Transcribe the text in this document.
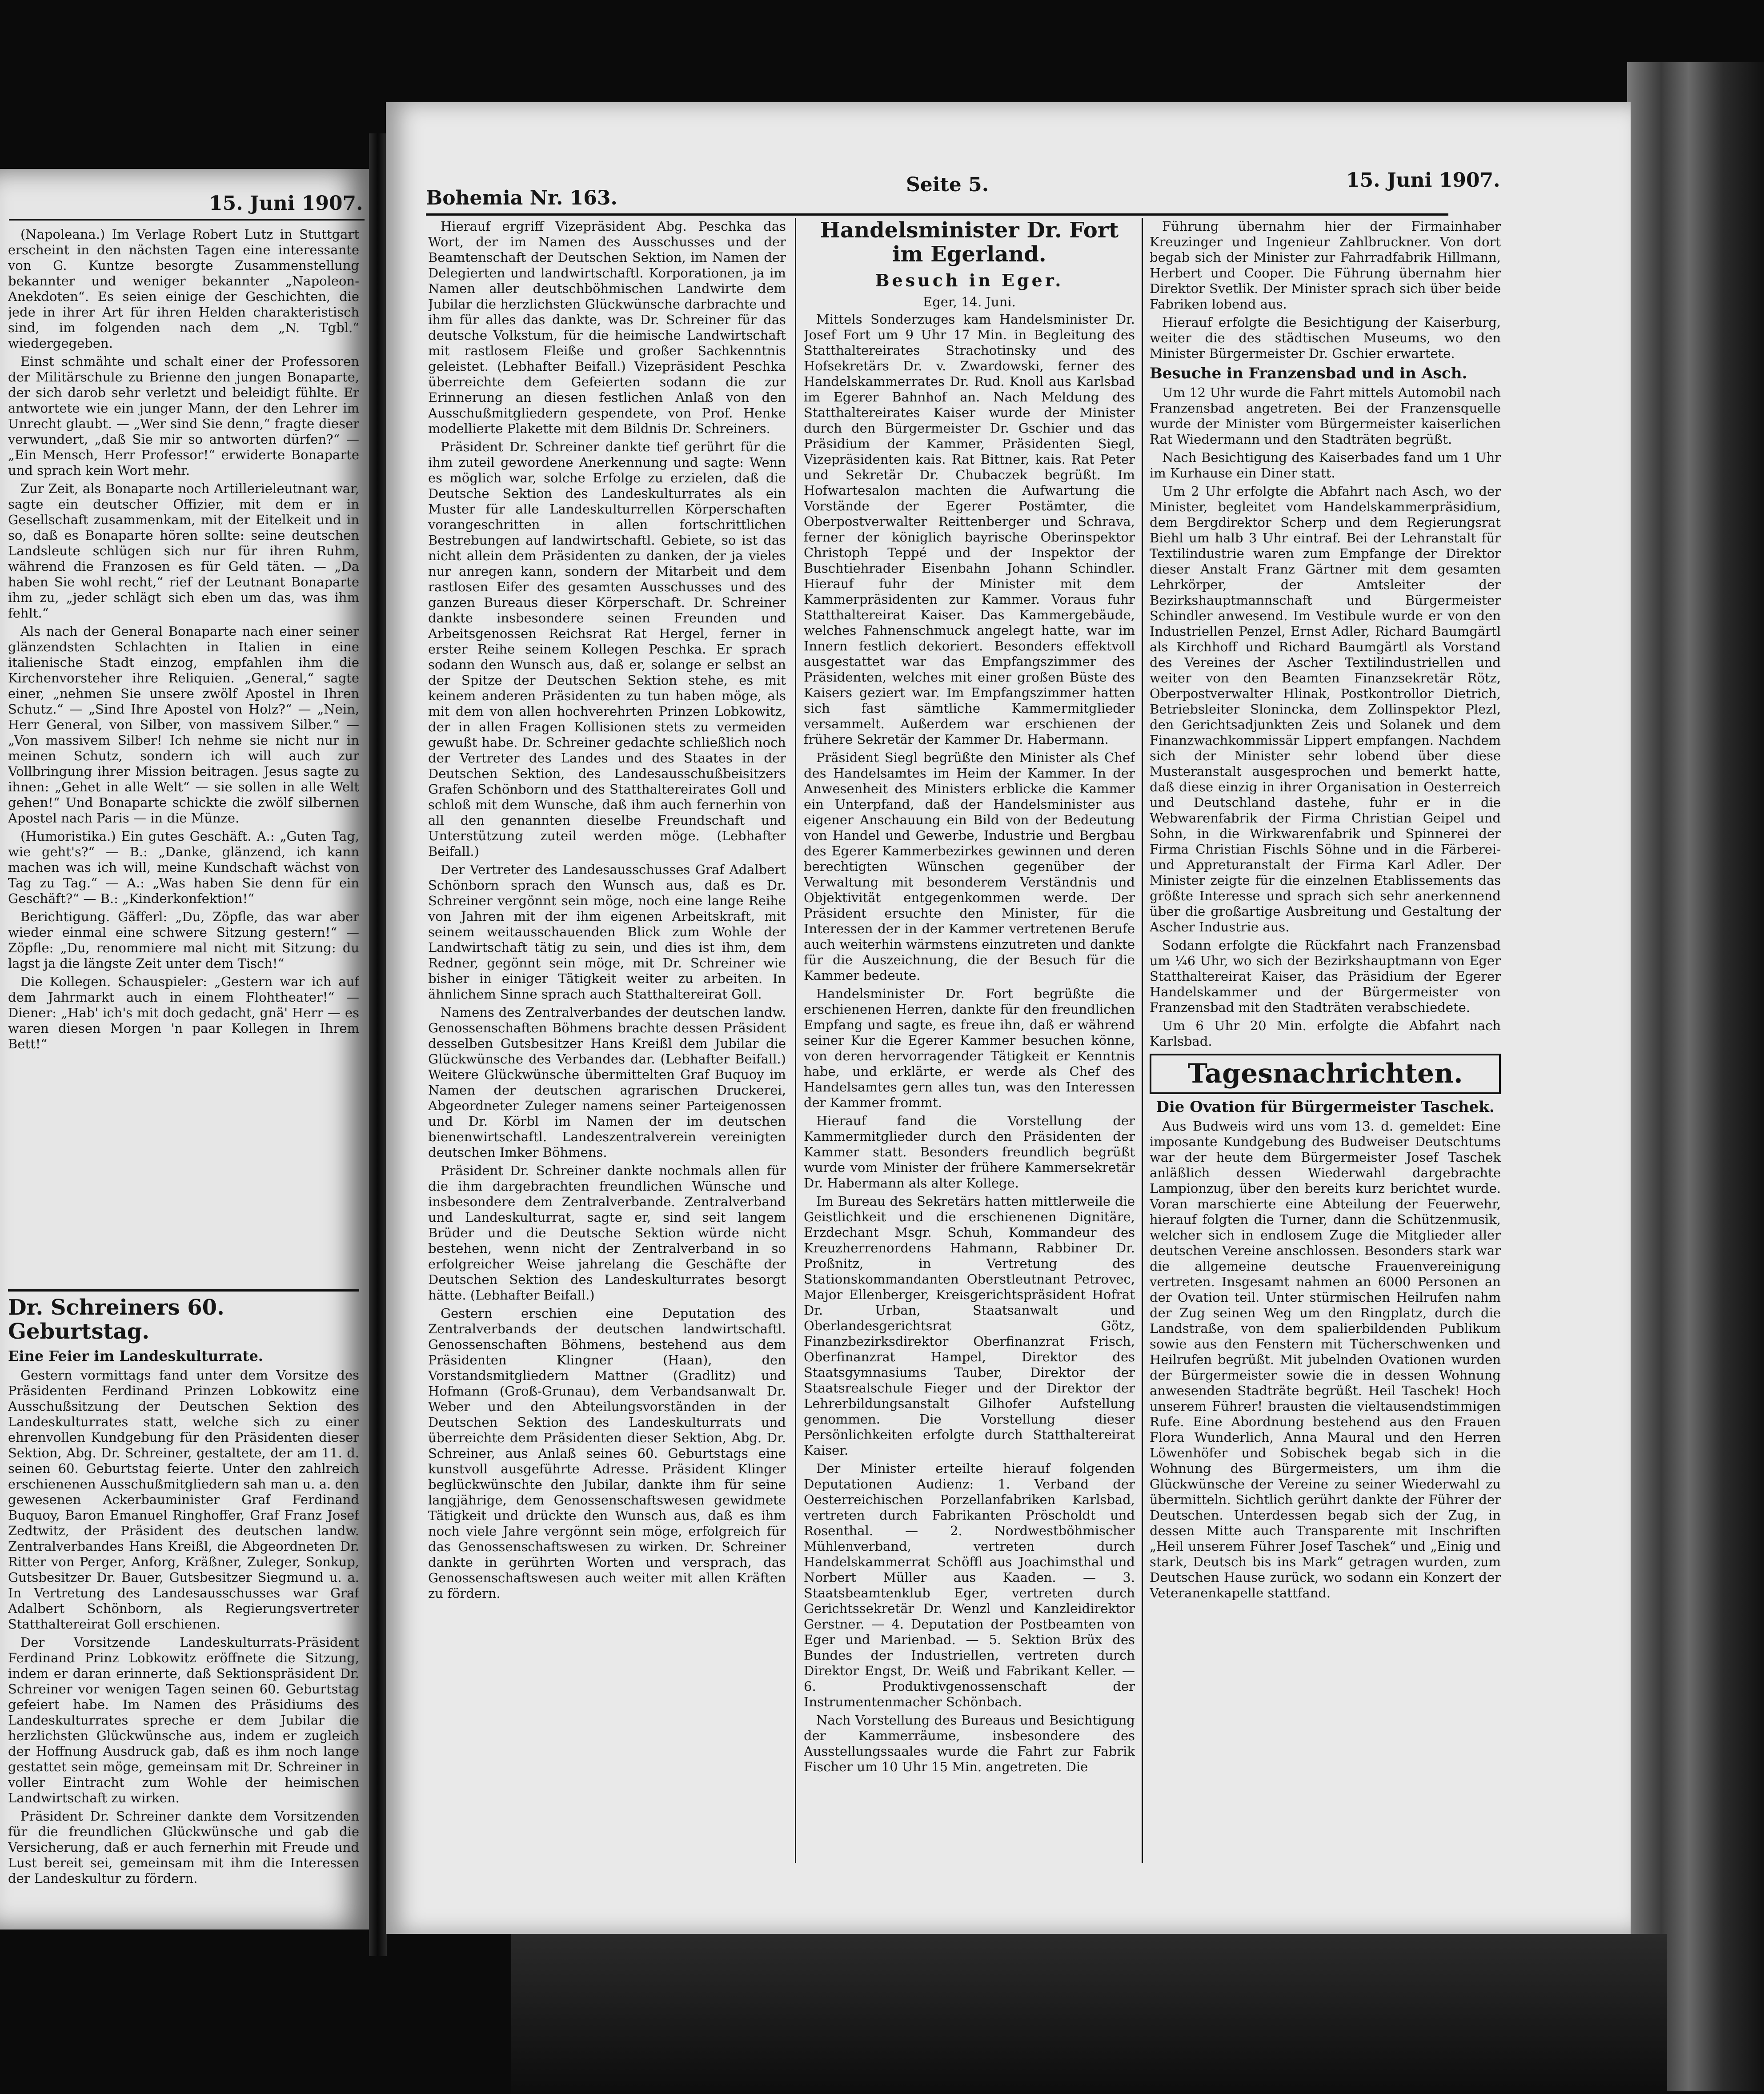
15. Juni 1907.

(Napoleana.) Im Verlage Robert Lutz in Stuttgart erscheint in den nächsten Tagen eine interessante von G. Kuntze besorgte Zusammenstellung bekannter und weniger bekannter „Napoleon-Anekdoten“. Es seien einige der Geschichten, die jede in ihrer Art für ihren Helden charakteristisch sind, im folgenden nach dem „N. Tgbl.“ wiedergegeben.

Einst schmähte und schalt einer der Professoren der Militärschule zu Brienne den jungen Bonaparte, der sich darob sehr verletzt und beleidigt fühlte. Er antwortete wie ein junger Mann, der den Lehrer im Unrecht glaubt. — „Wer sind Sie denn,“ fragte dieser verwundert, „daß Sie mir so antworten dürfen?“ — „Ein Mensch, Herr Professor!“ erwiderte Bonaparte und sprach kein Wort mehr.

Zur Zeit, als Bonaparte noch Artillerieleutnant war, sagte ein deutscher Offizier, mit dem er in Gesellschaft zusammenkam, mit der Eitelkeit und in so, daß es Bonaparte hören sollte: seine deutschen Landsleute schlügen sich nur für ihren Ruhm, während die Franzosen es für Geld täten. — „Da haben Sie wohl recht,“ rief der Leutnant Bonaparte ihm zu, „jeder schlägt sich eben um das, was ihm fehlt.“

Als nach der General Bonaparte nach einer seiner glänzendsten Schlachten in Italien in eine italienische Stadt einzog, empfahlen ihm die Kirchenvorsteher ihre Reliquien. „General,“ sagte einer, „nehmen Sie unsere zwölf Apostel in Ihren Schutz.“ — „Sind Ihre Apostel von Holz?“ — „Nein, Herr General, von Silber, von massivem Silber.“ — „Von massivem Silber! Ich nehme sie nicht nur in meinen Schutz, sondern ich will auch zur Vollbringung ihrer Mission beitragen. Jesus sagte zu ihnen: „Gehet in alle Welt“ — sie sollen in alle Welt gehen!“ Und Bonaparte schickte die zwölf silbernen Apostel nach Paris — in die Münze.

(Humoristika.) Ein gutes Geschäft. A.: „Guten Tag, wie geht's?“ — B.: „Danke, glänzend, ich kann machen was ich will, meine Kundschaft wächst von Tag zu Tag.“ — A.: „Was haben Sie denn für ein Geschäft?“ — B.: „Kinderkonfektion!“

Berichtigung. Gäfferl: „Du, Zöpfle, das war aber wieder einmal eine schwere Sitzung gestern!“ — Zöpfle: „Du, renommiere mal nicht mit Sitzung: du lagst ja die längste Zeit unter dem Tisch!“

Die Kollegen. Schauspieler: „Gestern war ich auf dem Jahrmarkt auch in einem Flohtheater!“ — Diener: „Hab' ich's mit doch gedacht, gnä' Herr — es waren diesen Morgen 'n paar Kollegen in Ihrem Bett!“

Dr. Schreiners 60. Geburtstag.
Eine Feier im Landeskulturrate.

Gestern vormittags fand unter dem Vorsitze des Präsidenten Ferdinand Prinzen Lobkowitz eine Ausschußsitzung der Deutschen Sektion des Landeskulturrates statt, welche sich zu einer ehrenvollen Kundgebung für den Präsidenten dieser Sektion, Abg. Dr. Schreiner, gestaltete, der am 11. d. seinen 60. Geburtstag feierte. Unter den zahlreich erschienenen Ausschußmitgliedern sah man u. a. den gewesenen Ackerbauminister Graf Ferdinand Buquoy, Baron Emanuel Ringhoffer, Graf Franz Josef Zedtwitz, der Präsident des deutschen landw. Zentralverbandes Hans Kreißl, die Abgeordneten Dr. Ritter von Perger, Anforg, Kräßner, Zuleger, Sonkup, Gutsbesitzer Dr. Bauer, Gutsbesitzer Siegmund u. a. In Vertretung des Landesausschusses war Graf Adalbert Schönborn, als Regierungsvertreter Statthaltereirat Goll erschienen.

Der Vorsitzende Landeskulturrats-Präsident Ferdinand Prinz Lobkowitz eröffnete die Sitzung, indem er daran erinnerte, daß Sektionspräsident Dr. Schreiner vor wenigen Tagen seinen 60. Geburtstag gefeiert habe. Im Namen des Präsidiums des Landeskulturrates spreche er dem Jubilar die herzlichsten Glückwünsche aus, indem er zugleich der Hoffnung Ausdruck gab, daß es ihm noch lange gestattet sein möge, gemeinsam mit Dr. Schreiner in voller Eintracht zum Wohle der heimischen Landwirtschaft zu wirken.

Präsident Dr. Schreiner dankte dem Vorsitzenden für die freundlichen Glückwünsche und gab die Versicherung, daß er auch fernerhin mit Freude und Lust bereit sei, gemeinsam mit ihm die Interessen der Landeskultur zu fördern.

Bohemia Nr. 163.
Seite 5.	15. Juni 1907.

Hierauf ergriff Vizepräsident Abg. Peschka das Wort, der im Namen des Ausschusses und der Beamtenschaft der Deutschen Sektion, im Namen der Delegierten und landwirtschaftl. Korporationen, ja im Namen aller deutschböhmischen Landwirte dem Jubilar die herzlichsten Glückwünsche darbrachte und ihm für alles das dankte, was Dr. Schreiner für das deutsche Volkstum, für die heimische Landwirtschaft mit rastlosem Fleiße und großer Sachkenntnis geleistet. (Lebhafter Beifall.) Vizepräsident Peschka überreichte dem Gefeierten sodann die zur Erinnerung an diesen festlichen Anlaß von den Ausschußmitgliedern gespendete, von Prof. Henke modellierte Plakette mit dem Bildnis Dr. Schreiners.

Präsident Dr. Schreiner dankte tief gerührt für die ihm zuteil gewordene Anerkennung und sagte: Wenn es möglich war, solche Erfolge zu erzielen, daß die Deutsche Sektion des Landeskulturrates als ein Muster für alle Landeskulturrellen Körperschaften vorangeschritten in allen fortschrittlichen Bestrebungen auf landwirtschaftl. Gebiete, so ist das nicht allein dem Präsidenten zu danken, der ja vieles nur anregen kann, sondern der Mitarbeit und dem rastlosen Eifer des gesamten Ausschusses und des ganzen Bureaus dieser Körperschaft. Dr. Schreiner dankte insbesondere seinen Freunden und Arbeitsgenossen Reichsrat Rat Hergel, ferner in erster Reihe seinem Kollegen Peschka. Er sprach sodann den Wunsch aus, daß er, solange er selbst an der Spitze der Deutschen Sektion stehe, es mit keinem anderen Präsidenten zu tun haben möge, als mit dem von allen hochverehrten Prinzen Lobkowitz, der in allen Fragen Kollisionen stets zu vermeiden gewußt habe. Dr. Schreiner gedachte schließlich noch der Vertreter des Landes und des Staates in der Deutschen Sektion, des Landesausschußbeisitzers Grafen Schönborn und des Statthaltereirates Goll und schloß mit dem Wunsche, daß ihm auch fernerhin von all den genannten dieselbe Freundschaft und Unterstützung zuteil werden möge. (Lebhafter Beifall.)

Der Vertreter des Landesausschusses Graf Adalbert Schönborn sprach den Wunsch aus, daß es Dr. Schreiner vergönnt sein möge, noch eine lange Reihe von Jahren mit der ihm eigenen Arbeitskraft, mit seinem weitausschauenden Blick zum Wohle der Landwirtschaft tätig zu sein, und dies ist ihm, dem Redner, gegönnt sein möge, mit Dr. Schreiner wie bisher in einiger Tätigkeit weiter zu arbeiten. In ähnlichem Sinne sprach auch Statthaltereirat Goll.

Namens des Zentralverbandes der deutschen landw. Genossenschaften Böhmens brachte dessen Präsident desselben Gutsbesitzer Hans Kreißl dem Jubilar die Glückwünsche des Verbandes dar. (Lebhafter Beifall.) Weitere Glückwünsche übermittelten Graf Buquoy im Namen der deutschen agrarischen Druckerei, Abgeordneter Zuleger namens seiner Parteigenossen und Dr. Körbl im Namen der im deutschen bienenwirtschaftl. Landeszentralverein vereinigten deutschen Imker Böhmens.

Präsident Dr. Schreiner dankte nochmals allen für die ihm dargebrachten freundlichen Wünsche und insbesondere dem Zentralverbande. Zentralverband und Landeskulturrat, sagte er, sind seit langem Brüder und die Deutsche Sektion würde nicht bestehen, wenn nicht der Zentralverband in so erfolgreicher Weise jahrelang die Geschäfte der Deutschen Sektion des Landeskulturrates besorgt hätte. (Lebhafter Beifall.)

Gestern erschien eine Deputation des Zentralverbands der deutschen landwirtschaftl. Genossenschaften Böhmens, bestehend aus dem Präsidenten Klingner (Haan), den Vorstandsmitgliedern Mattner (Gradlitz) und Hofmann (Groß-Grunau), dem Verbandsanwalt Dr. Weber und den Abteilungsvorständen in der Deutschen Sektion des Landeskulturrats und überreichte dem Präsidenten dieser Sektion, Abg. Dr. Schreiner, aus Anlaß seines 60. Geburtstags eine kunstvoll ausgeführte Adresse. Präsident Klinger beglückwünschte den Jubilar, dankte ihm für seine langjährige, dem Genossenschaftswesen gewidmete Tätigkeit und drückte den Wunsch aus, daß es ihm noch viele Jahre vergönnt sein möge, erfolgreich für das Genossenschaftswesen zu wirken. Dr. Schreiner dankte in gerührten Worten und versprach, das Genossenschaftswesen auch weiter mit allen Kräften zu fördern.

Handelsminister Dr. Fort
im Egerland.
Besuch in Eger.
Eger, 14. Juni.

Mittels Sonderzuges kam Handelsminister Dr. Josef Fort um 9 Uhr 17 Min. in Begleitung des Statthaltereirates Strachotinsky und des Hofsekretärs Dr. v. Zwardowski, ferner des Handelskammerrates Dr. Rud. Knoll aus Karlsbad im Egerer Bahnhof an. Nach Meldung des Statthaltereirates Kaiser wurde der Minister durch den Bürgermeister Dr. Gschier und das Präsidium der Kammer, Präsidenten Siegl, Vizepräsidenten kais. Rat Bittner, kais. Rat Peter und Sekretär Dr. Chubaczek begrüßt. Im Hofwartesalon machten die Aufwartung die Vorstände der Egerer Postämter, die Oberpostverwalter Reittenberger und Schrava, ferner der königlich bayrische Oberinspektor Christoph Teppé und der Inspektor der Buschtiehrader Eisenbahn Johann Schindler. Hierauf fuhr der Minister mit dem Kammerpräsidenten zur Kammer. Voraus fuhr Statthaltereirat Kaiser. Das Kammergebäude, welches Fahnenschmuck angelegt hatte, war im Innern festlich dekoriert. Besonders effektvoll ausgestattet war das Empfangszimmer des Präsidenten, welches mit einer großen Büste des Kaisers geziert war. Im Empfangszimmer hatten sich fast sämtliche Kammermitglieder versammelt. Außerdem war erschienen der frühere Sekretär der Kammer Dr. Habermann.

Präsident Siegl begrüßte den Minister als Chef des Handelsamtes im Heim der Kammer. In der Anwesenheit des Ministers erblicke die Kammer ein Unterpfand, daß der Handelsminister aus eigener Anschauung ein Bild von der Bedeutung von Handel und Gewerbe, Industrie und Bergbau des Egerer Kammerbezirkes gewinnen und deren berechtigten Wünschen gegenüber der Verwaltung mit besonderem Verständnis und Objektivität entgegenkommen werde. Der Präsident ersuchte den Minister, für die Interessen der in der Kammer vertretenen Berufe auch weiterhin wärmstens einzutreten und dankte für die Auszeichnung, die der Besuch für die Kammer bedeute.

Handelsminister Dr. Fort begrüßte die erschienenen Herren, dankte für den freundlichen Empfang und sagte, es freue ihn, daß er während seiner Kur die Egerer Kammer besuchen könne, von deren hervorragender Tätigkeit er Kenntnis habe, und erklärte, er werde als Chef des Handelsamtes gern alles tun, was den Interessen der Kammer frommt.

Hierauf fand die Vorstellung der Kammermitglieder durch den Präsidenten der Kammer statt. Besonders freundlich begrüßt wurde vom Minister der frühere Kammersekretär Dr. Habermann als alter Kollege.

Im Bureau des Sekretärs hatten mittlerweile die Geistlichkeit und die erschienenen Dignitäre, Erzdechant Msgr. Schuh, Kommandeur des Kreuzherrenordens Hahmann, Rabbiner Dr. Proßnitz, in Vertretung des Stationskommandanten Oberstleutnant Petrovec, Major Ellenberger, Kreisgerichtspräsident Hofrat Dr. Urban, Staatsanwalt und Oberlandesgerichtsrat Götz, Finanzbezirksdirektor Oberfinanzrat Frisch, Oberfinanzrat Hampel, Direktor des Staatsgymnasiums Tauber, Direktor der Staatsrealschule Fieger und der Direktor der Lehrerbildungsanstalt Gilhofer Aufstellung genommen. Die Vorstellung dieser Persönlichkeiten erfolgte durch Statthaltereirat Kaiser.

Der Minister erteilte hierauf folgenden Deputationen Audienz: 1. Verband der Oesterreichischen Porzellanfabriken Karlsbad, vertreten durch Fabrikanten Pröscholdt und Rosenthal. — 2. Nordwestböhmischer Mühlenverband, vertreten durch Handelskammerrat Schöffl aus Joachimsthal und Norbert Müller aus Kaaden. — 3. Staatsbeamtenklub Eger, vertreten durch Gerichtssekretär Dr. Wenzl und Kanzleidirektor Gerstner. — 4. Deputation der Postbeamten von Eger und Marienbad. — 5. Sektion Brüx des Bundes der Industriellen, vertreten durch Direktor Engst, Dr. Weiß und Fabrikant Keller. — 6. Produktivgenossenschaft der Instrumentenmacher Schönbach.

Nach Vorstellung des Bureaus und Besichtigung der Kammerräume, insbesondere des Ausstellungssaales wurde die Fahrt zur Fabrik Fischer um 10 Uhr 15 Min. angetreten. Die

Führung übernahm hier der Firmainhaber Kreuzinger und Ingenieur Zahlbruckner. Von dort begab sich der Minister zur Fahrradfabrik Hillmann, Herbert und Cooper. Die Führung übernahm hier Direktor Svetlik. Der Minister sprach sich über beide Fabriken lobend aus.

Hierauf erfolgte die Besichtigung der Kaiserburg, weiter die des städtischen Museums, wo den Minister Bürgermeister Dr. Gschier erwartete.

Besuche in Franzensbad und in Asch.

Um 12 Uhr wurde die Fahrt mittels Automobil nach Franzensbad angetreten. Bei der Franzensquelle wurde der Minister vom Bürgermeister kaiserlichen Rat Wiedermann und den Stadträten begrüßt.

Nach Besichtigung des Kaiserbades fand um 1 Uhr im Kurhause ein Diner statt.

Um 2 Uhr erfolgte die Abfahrt nach Asch, wo der Minister, begleitet vom Handelskammerpräsidium, dem Bergdirektor Scherp und dem Regierungsrat Biehl um halb 3 Uhr eintraf. Bei der Lehranstalt für Textilindustrie waren zum Empfange der Direktor dieser Anstalt Franz Gärtner mit dem gesamten Lehrkörper, der Amtsleiter der Bezirkshauptmannschaft und Bürgermeister Schindler anwesend. Im Vestibule wurde er von den Industriellen Penzel, Ernst Adler, Richard Baumgärtl als Kirchhoff und Richard Baumgärtl als Vorstand des Vereines der Ascher Textilindustriellen und weiter von den Beamten Finanzsekretär Rötz, Oberpostverwalter Hlinak, Postkontrollor Dietrich, Betriebsleiter Slonincka, dem Zollinspektor Plezl, den Gerichtsadjunkten Zeis und Solanek und dem Finanzwachkommissär Lippert empfangen. Nachdem sich der Minister sehr lobend über diese Musteranstalt ausgesprochen und bemerkt hatte, daß diese einzig in ihrer Organisation in Oesterreich und Deutschland dastehe, fuhr er in die Webwarenfabrik der Firma Christian Geipel und Sohn, in die Wirkwarenfabrik und Spinnerei der Firma Christian Fischls Söhne und in die Färberei- und Appreturanstalt der Firma Karl Adler. Der Minister zeigte für die einzelnen Etablissements das größte Interesse und sprach sich sehr anerkennend über die großartige Ausbreitung und Gestaltung der Ascher Industrie aus.

Sodann erfolgte die Rückfahrt nach Franzensbad um ¼6 Uhr, wo sich der Bezirkshauptmann von Eger Statthaltereirat Kaiser, das Präsidium der Egerer Handelskammer und der Bürgermeister von Franzensbad mit den Stadträten verabschiedete.

Um 6 Uhr 20 Min. erfolgte die Abfahrt nach Karlsbad.

Tagesnachrichten.
Die Ovation für Bürgermeister Taschek.

Aus Budweis wird uns vom 13. d. gemeldet: Eine imposante Kundgebung des Budweiser Deutschtums war der heute dem Bürgermeister Josef Taschek anläßlich dessen Wiederwahl dargebrachte Lampionzug, über den bereits kurz berichtet wurde. Voran marschierte eine Abteilung der Feuerwehr, hierauf folgten die Turner, dann die Schützenmusik, welcher sich in endlosem Zuge die Mitglieder aller deutschen Vereine anschlossen. Besonders stark war die allgemeine deutsche Frauenvereinigung vertreten. Insgesamt nahmen an 6000 Personen an der Ovation teil. Unter stürmischen Heilrufen nahm der Zug seinen Weg um den Ringplatz, durch die Landstraße, von dem spalierbildenden Publikum sowie aus den Fenstern mit Tücherschwenken und Heilrufen begrüßt. Mit jubelnden Ovationen wurden der Bürgermeister sowie die in dessen Wohnung anwesenden Stadträte begrüßt. Heil Taschek! Hoch unserem Führer! brausten die vieltausendstimmigen Rufe. Eine Abordnung bestehend aus den Frauen Flora Wunderlich, Anna Maural und den Herren Löwenhöfer und Sobischek begab sich in die Wohnung des Bürgermeisters, um ihm die Glückwünsche der Vereine zu seiner Wiederwahl zu übermitteln. Sichtlich gerührt dankte der Führer der Deutschen. Unterdessen begab sich der Zug, in dessen Mitte auch Transparente mit Inschriften „Heil unserem Führer Josef Taschek“ und „Einig und stark, Deutsch bis ins Mark“ getragen wurden, zum Deutschen Hause zurück, wo sodann ein Konzert der Veteranenkapelle stattfand.
